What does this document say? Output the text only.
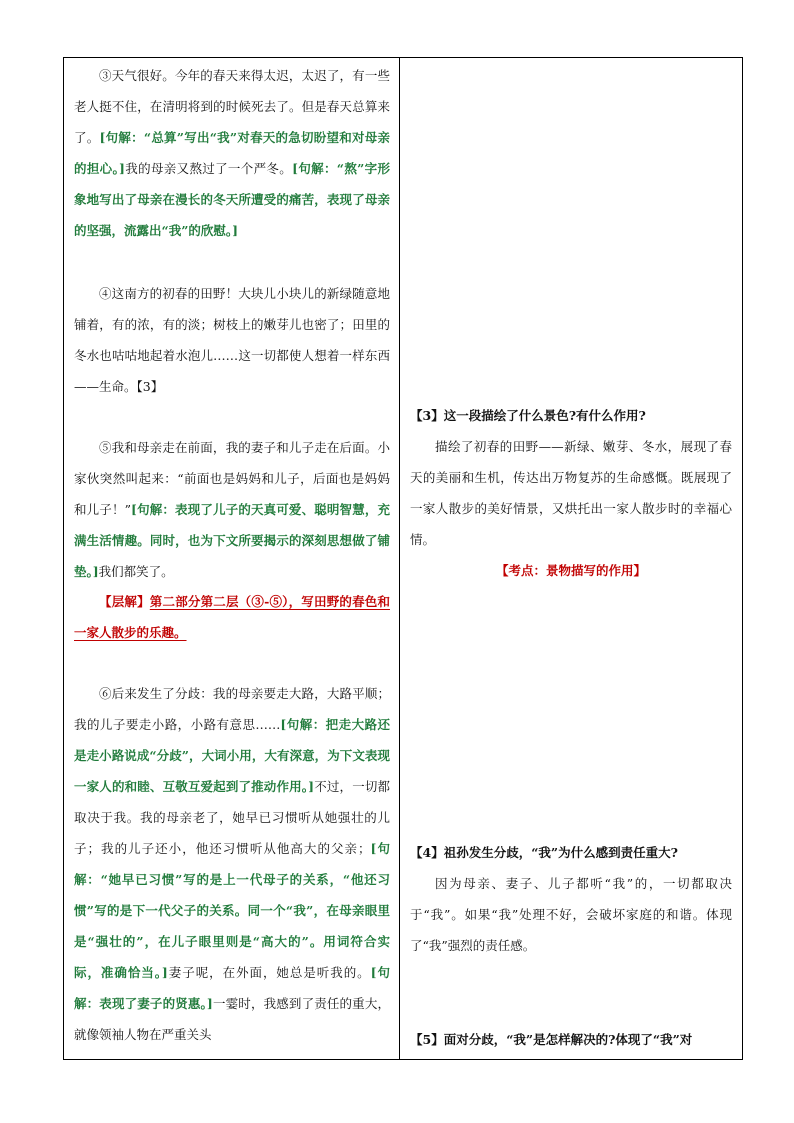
③天气很好。今年的春天来得太迟，太迟了，有一些老人挺不住，在清明将到的时候死去了。但是春天总算来了。[句解：“总算”写出“我”对春天的急切盼望和对母亲的担心。]我的母亲又熬过了一个严冬。[句解：“熬”字形象地写出了母亲在漫长的冬天所遭受的痛苦，表现了母亲的坚强，流露出“我”的欣慰。]
④这南方的初春的田野！大块儿小块儿的新绿随意地铺着，有的浓，有的淡；树枝上的嫩芽儿也密了；田里的冬水也咕咕地起着水泡儿……这一切都使人想着一样东西——生命。【3】
⑤我和母亲走在前面，我的妻子和儿子走在后面。小家伙突然叫起来：“前面也是妈妈和儿子，后面也是妈妈和儿子！”[句解：表现了儿子的天真可爱、聪明智慧，充满生活情趣。同时，也为下文所要揭示的深刻思想做了铺垫。]我们都笑了。
【层解】第二部分第二层（③-⑤），写田野的春色和一家人散步的乐趣。
⑥后来发生了分歧：我的母亲要走大路，大路平顺；我的儿子要走小路，小路有意思……[句解：把走大路还是走小路说成“分歧”，大词小用，大有深意，为下文表现一家人的和睦、互敬互爱起到了推动作用。]不过，一切都取决于我。我的母亲老了，她早已习惯听从她强壮的儿子；我的儿子还小，他还习惯听从他高大的父亲；[句解：“她早已习惯”写的是上一代母子的关系，“他还习惯”写的是下一代父子的关系。同一个“我”，在母亲眼里是“强壮的”，在儿子眼里则是“高大的”。用词符合实际，准确恰当。]妻子呢，在外面，她总是听我的。[句解：表现了妻子的贤惠。]一霎时，我感到了责任的重大，就像领袖人物在严重关头
【3】这一段描绘了什么景色?有什么作用?
描绘了初春的田野——新绿、嫩芽、冬水，展现了春天的美丽和生机，传达出万物复苏的生命感慨。既展现了一家人散步的美好情景，又烘托出一家人散步时的幸福心情。
【考点：景物描写的作用】
【4】祖孙发生分歧，“我”为什么感到责任重大?
因为母亲、妻子、儿子都听“我”的，一切都取决于“我”。如果“我”处理不好，会破坏家庭的和谐。体现了“我”强烈的责任感。
【5】面对分歧，“我”是怎样解决的?体现了“我”对
